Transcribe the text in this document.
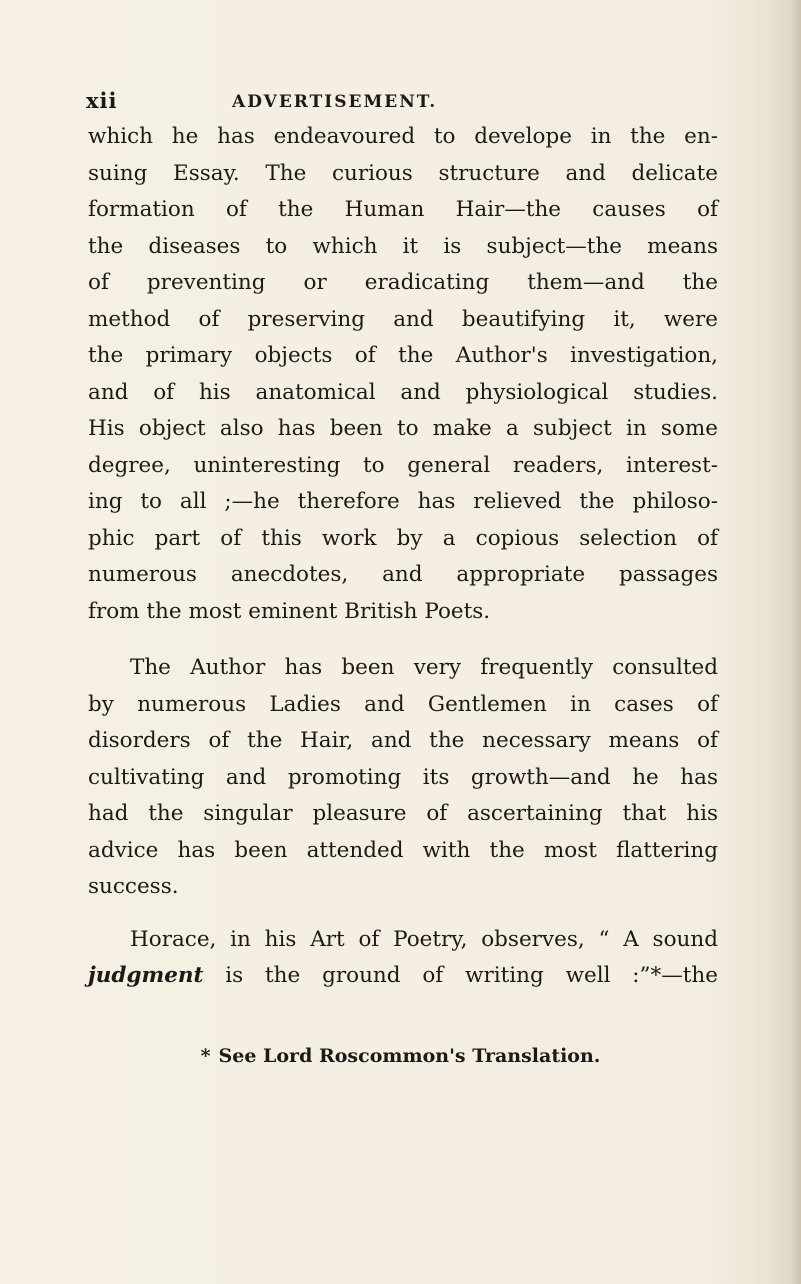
xii	ADVERTISEMENT.
which he has endeavoured to develope in the en-
suing Essay. The curious structure and delicate
formation of the Human Hair—the causes of
the diseases to which it is subject—the means
of preventing or eradicating them—and the
method of preserving and beautifying it, were
the primary objects of the Author's investigation,
and of his anatomical and physiological studies.
His object also has been to make a subject in some
degree, uninteresting to general readers, interest-
ing to all ;—he therefore has relieved the philoso-
phic part of this work by a copious selection of
numerous anecdotes, and appropriate passages
from the most eminent British Poets.
The Author has been very frequently consulted
by numerous Ladies and Gentlemen in cases of
disorders of the Hair, and the necessary means of
cultivating and promoting its growth—and he has
had the singular pleasure of ascertaining that his
advice has been attended with the most flattering
success.
Horace, in his Art of Poetry, observes, “ A sound
judgment is the ground of writing well :”*—the
* See Lord Roscommon's Translation.
